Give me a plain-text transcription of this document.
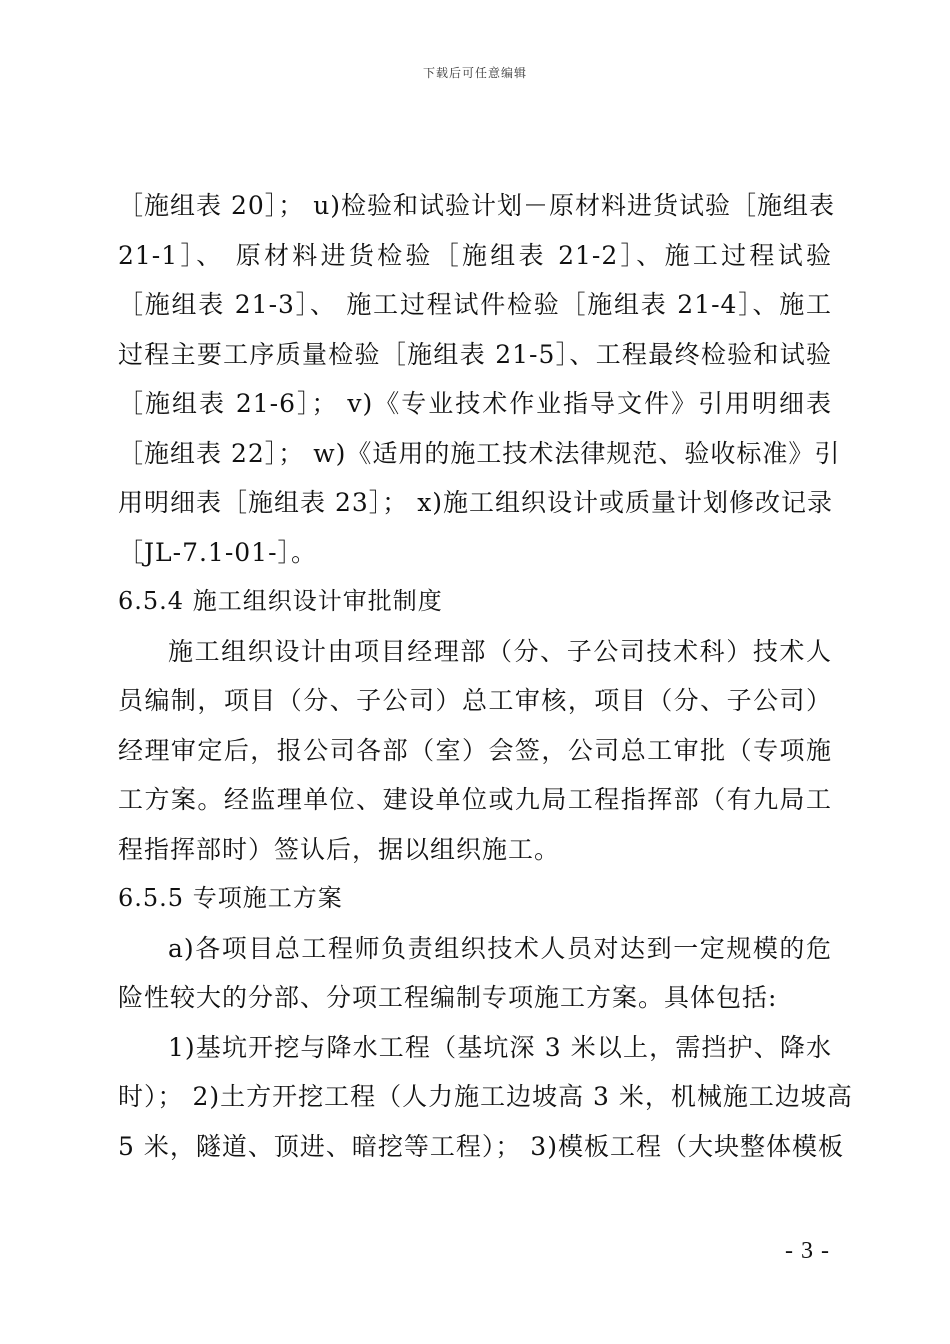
下载后可任意编辑
［施组表 20］； u)检验和试验计划－原材料进货试验［施组表
21-1］、 原材料进货检验［施组表 21-2］、施工过程试验
［施组表 21-3］、 施工过程试件检验［施组表 21-4］、施工
过程主要工序质量检验［施组表 21-5］、工程最终检验和试验
［施组表 21-6］； v)《专业技术作业指导文件》引用明细表
［施组表 22］； w)《适用的施工技术法律规范、验收标准》引
用明细表［施组表 23］； x)施工组织设计或质量计划修改记录
［JL-7.1-01-］。
6.5.4 施工组织设计审批制度
施工组织设计由项目经理部（分、子公司技术科）技术人
员编制，项目（分、子公司）总工审核，项目（分、子公司）
经理审定后，报公司各部（室）会签，公司总工审批（专项施
工方案。经监理单位、建设单位或九局工程指挥部（有九局工
程指挥部时）签认后，据以组织施工。
6.5.5 专项施工方案
a)各项目总工程师负责组织技术人员对达到一定规模的危
险性较大的分部、分项工程编制专项施工方案。具体包括:
1)基坑开挖与降水工程（基坑深 3 米以上，需挡护、降水
时）； 2)土方开挖工程（人力施工边坡高 3 米，机械施工边坡高
5 米，隧道、顶进、暗挖等工程）； 3)模板工程（大块整体模板
- 3 -
